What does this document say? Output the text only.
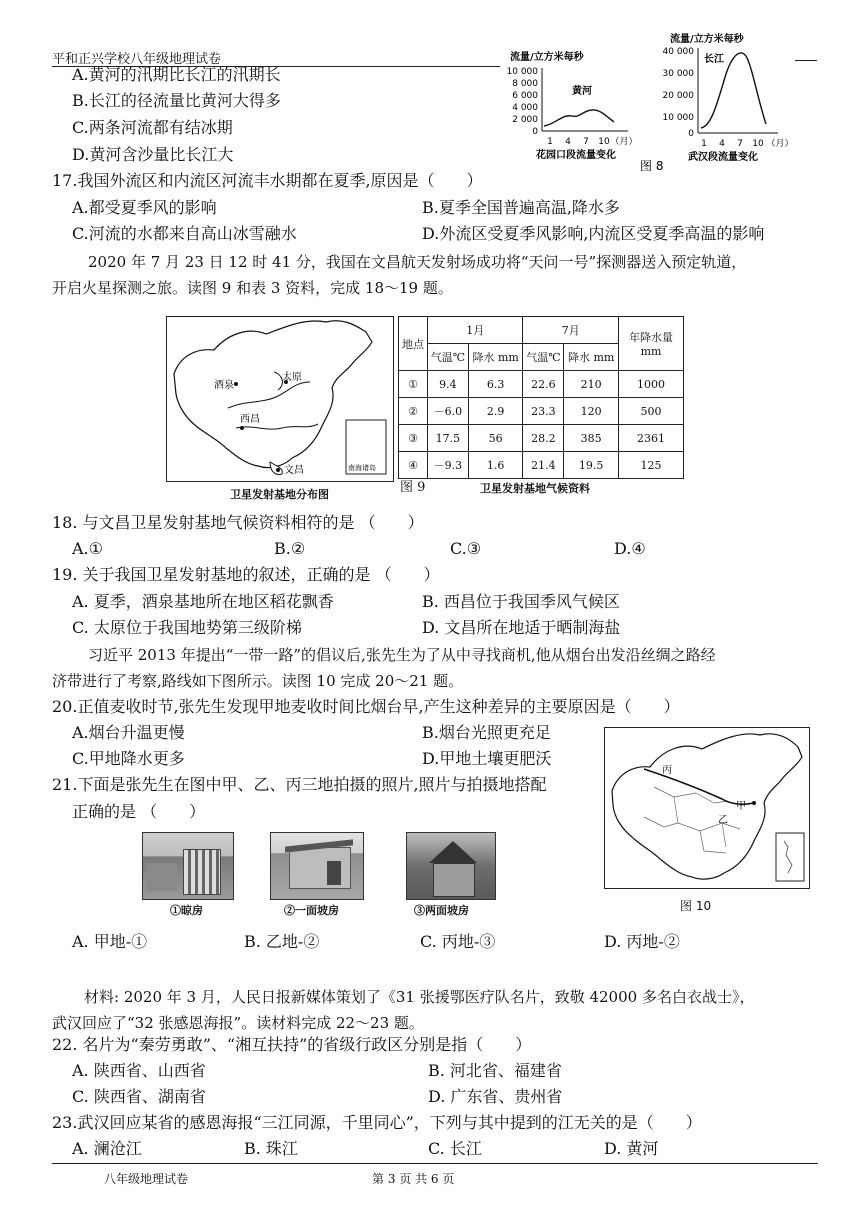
平和正兴学校八年级地理试卷
A.黄河的汛期比长江的汛期长
B.长江的径流量比黄河大得多
C.两条河流都有结冰期
D.黄河含沙量比长江大
流量/立方米每秒
10 000
8 000
6 000
4 000
2 000
0
黄河
1 4 7 10 （月）
花园口段流量变化
流量/立方米每秒
40 000
30 000
20 000
10 000
0
长江
1 4 7 10 （月）
武汉段流量变化
图 8
17.我国外流区和内流区河流丰水期都在夏季,原因是（　　）
A.都受夏季风的影响	B.夏季全国普遍高温,降水多
C.河流的水都来自高山冰雪融水	D.外流区受夏季风影响,内流区受夏季高温的影响
2020 年 7 月 23 日 12 时 41 分，我国在文昌航天发射场成功将“天问一号”探测器送入预定轨道，
开启火星探测之旅。读图 9 和表 3 资料，完成 18～19 题。
南海诸岛
酒泉
太原
西昌
文昌
卫星发射基地分布图	图 9
地点	1月		7月		年降水量mm
	气温℃	降水 mm	气温℃	降水 mm	
①	9.4	6.3	22.6	210	1000
②	－6.0	2.9	23.3	120	500
③	17.5	56	28.2	385	2361
④	－9.3	1.6	21.4	19.5	125
卫星发射基地气候资料
18. 与文昌卫星发射基地气候资料相符的是 （　　）
A.①	B.②	C.③	D.④
19. 关于我国卫星发射基地的叙述，正确的是 （　　）
A. 夏季，酒泉基地所在地区稻花飘香	B. 西昌位于我国季风气候区
C. 太原位于我国地势第三级阶梯	D. 文昌所在地适于晒制海盐
习近平 2013 年提出“一带一路”的倡议后,张先生为了从中寻找商机,他从烟台出发沿丝绸之路经
济带进行了考察,路线如下图所示。读图 10 完成 20～21 题。
20.正值麦收时节,张先生发现甲地麦收时间比烟台早,产生这种差异的主要原因是（　　）
A.烟台升温更慢	B.烟台光照更充足
C.甲地降水更多	D.甲地土壤更肥沃
丙
甲
乙
图 10
21.下面是张先生在图中甲、乙、丙三地拍摄的照片,照片与拍摄地搭配
正确的是 （　　）
①晾房	②一面坡房	③两面坡房
A. 甲地-①	B. 乙地-②	C. 丙地-③	D. 丙地-②
材料: 2020 年 3 月，人民日报新媒体策划了《31 张援鄂医疗队名片，致敬 42000 多名白衣战士》，
武汉回应了“32 张感恩海报”。读材料完成 22～23 题。
22. 名片为“秦劳勇敢”、“湘互扶持”的省级行政区分别是指（　　）
A. 陕西省、山西省	B. 河北省、福建省
C. 陕西省、湖南省	D. 广东省、贵州省
23.武汉回应某省的感恩海报“三江同源，千里同心”，下列与其中提到的江无关的是（　　）
A. 澜沧江	B. 珠江	C. 长江	D. 黄河
八年级地理试卷	第 3 页 共 6 页
